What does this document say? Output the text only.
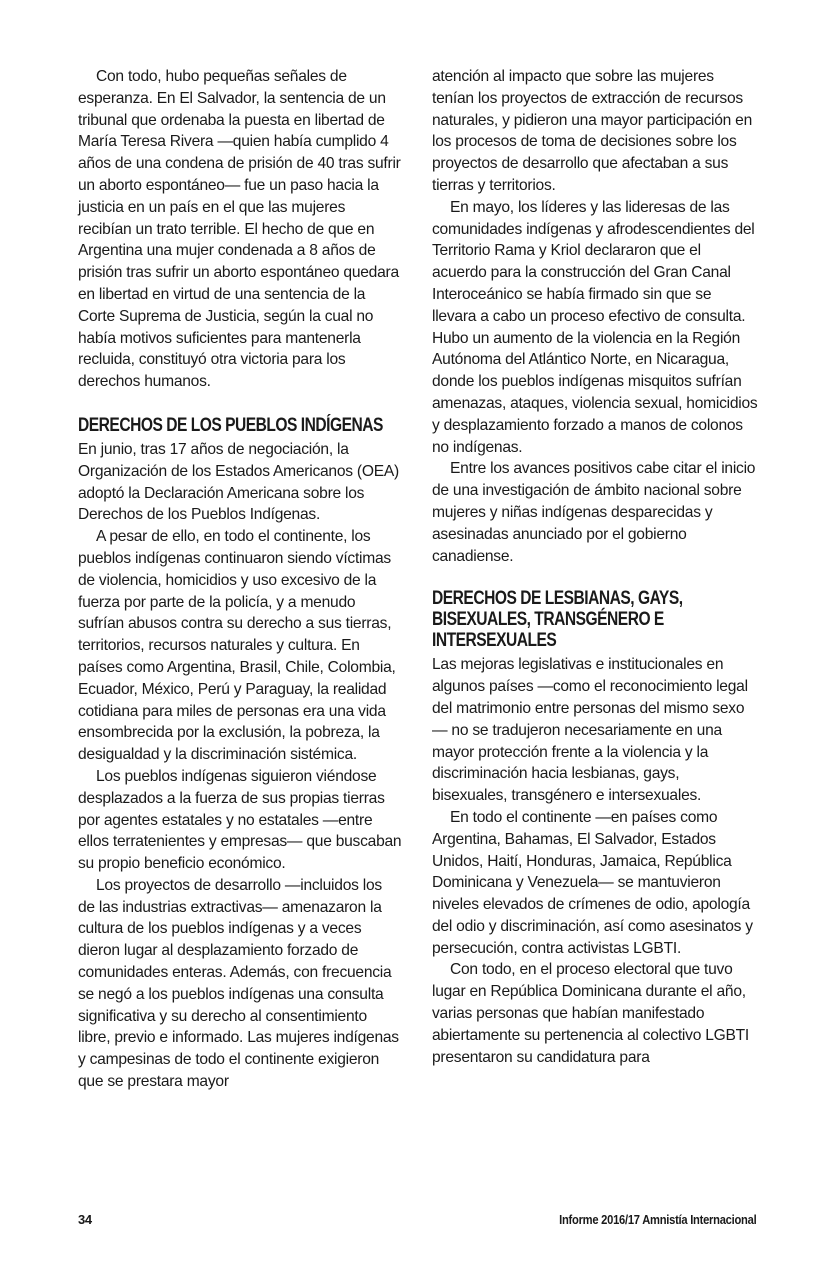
Con todo, hubo pequeñas señales de esperanza. En El Salvador, la sentencia de un tribunal que ordenaba la puesta en libertad de María Teresa Rivera —quien había cumplido 4 años de una condena de prisión de 40 tras sufrir un aborto espontáneo— fue un paso hacia la justicia en un país en el que las mujeres recibían un trato terrible. El hecho de que en Argentina una mujer condenada a 8 años de prisión tras sufrir un aborto espontáneo quedara en libertad en virtud de una sentencia de la Corte Suprema de Justicia, según la cual no había motivos suficientes para mantenerla recluida, constituyó otra victoria para los derechos humanos.

DERECHOS DE LOS PUEBLOS INDÍGENAS

En junio, tras 17 años de negociación, la Organización de los Estados Americanos (OEA) adoptó la Declaración Americana sobre los Derechos de los Pueblos Indígenas.

A pesar de ello, en todo el continente, los pueblos indígenas continuaron siendo víctimas de violencia, homicidios y uso excesivo de la fuerza por parte de la policía, y a menudo sufrían abusos contra su derecho a sus tierras, territorios, recursos naturales y cultura. En países como Argentina, Brasil, Chile, Colombia, Ecuador, México, Perú y Paraguay, la realidad cotidiana para miles de personas era una vida ensombrecida por la exclusión, la pobreza, la desigualdad y la discriminación sistémica.

Los pueblos indígenas siguieron viéndose desplazados a la fuerza de sus propias tierras por agentes estatales y no estatales —entre ellos terratenientes y empresas— que buscaban su propio beneficio económico.

Los proyectos de desarrollo —incluidos los de las industrias extractivas— amenazaron la cultura de los pueblos indígenas y a veces dieron lugar al desplazamiento forzado de comunidades enteras. Además, con frecuencia se negó a los pueblos indígenas una consulta significativa y su derecho al consentimiento libre, previo e informado. Las mujeres indígenas y campesinas de todo el continente exigieron que se prestara mayor

atención al impacto que sobre las mujeres tenían los proyectos de extracción de recursos naturales, y pidieron una mayor participación en los procesos de toma de decisiones sobre los proyectos de desarrollo que afectaban a sus tierras y territorios.

En mayo, los líderes y las lideresas de las comunidades indígenas y afrodescendientes del Territorio Rama y Kriol declararon que el acuerdo para la construcción del Gran Canal Interoceánico se había firmado sin que se llevara a cabo un proceso efectivo de consulta. Hubo un aumento de la violencia en la Región Autónoma del Atlántico Norte, en Nicaragua, donde los pueblos indígenas misquitos sufrían amenazas, ataques, violencia sexual, homicidios y desplazamiento forzado a manos de colonos no indígenas.

Entre los avances positivos cabe citar el inicio de una investigación de ámbito nacional sobre mujeres y niñas indígenas desparecidas y asesinadas anunciado por el gobierno canadiense.

DERECHOS DE LESBIANAS, GAYS, BISEXUALES, TRANSGÉNERO E INTERSEXUALES

Las mejoras legislativas e institucionales en algunos países —como el reconocimiento legal del matrimonio entre personas del mismo sexo— no se tradujeron necesariamente en una mayor protección frente a la violencia y la discriminación hacia lesbianas, gays, bisexuales, transgénero e intersexuales.

En todo el continente —en países como Argentina, Bahamas, El Salvador, Estados Unidos, Haití, Honduras, Jamaica, República Dominicana y Venezuela— se mantuvieron niveles elevados de crímenes de odio, apología del odio y discriminación, así como asesinatos y persecución, contra activistas LGBTI.

Con todo, en el proceso electoral que tuvo lugar en República Dominicana durante el año, varias personas que habían manifestado abiertamente su pertenencia al colectivo LGBTI presentaron su candidatura para

34	Informe 2016/17 Amnistía Internacional
